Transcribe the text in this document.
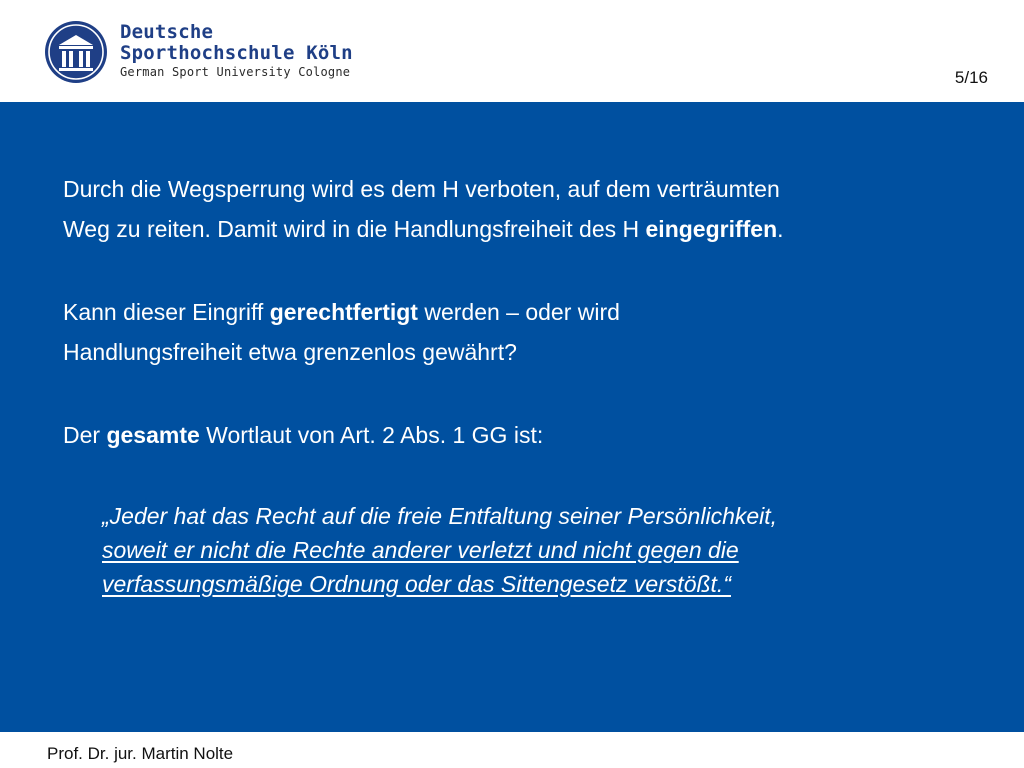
Deutsche
Sporthochschule Köln
German Sport University Cologne	5/16
Durch die Wegsperrung wird es dem H verboten, auf dem verträumten
Weg zu reiten. Damit wird in die Handlungsfreiheit des H eingegriffen.
Kann dieser Eingriff gerechtfertigt werden – oder wird
Handlungsfreiheit etwa grenzenlos gewährt?
Der gesamte Wortlaut von Art. 2 Abs. 1 GG ist:
„Jeder hat das Recht auf die freie Entfaltung seiner Persönlichkeit,
soweit er nicht die Rechte anderer verletzt und nicht gegen die
verfassungsmäßige Ordnung oder das Sittengesetz verstößt.“
Prof. Dr. jur. Martin Nolte
